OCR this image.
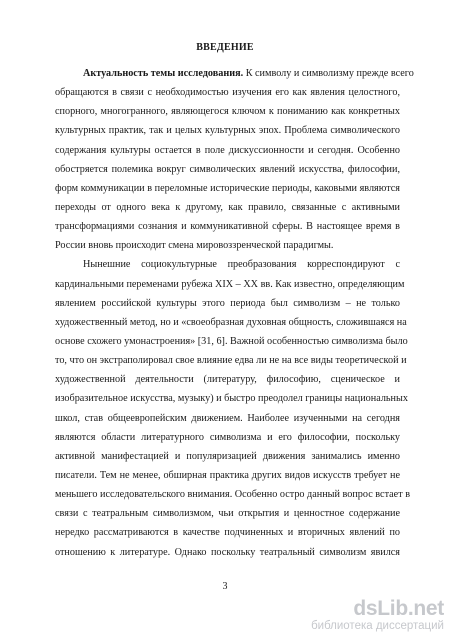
ВВЕДЕНИЕ
Актуальность темы исследования. К символу и символизму прежде всего
обращаются в связи с необходимостью изучения его как явления целостного,
спорного, многогранного, являющегося ключом к пониманию как конкретных
культурных практик, так и целых культурных эпох. Проблема символического
содержания культуры остается в поле дискуссионности и сегодня. Особенно
обостряется полемика вокруг символических явлений искусства, философии,
форм коммуникации в переломные исторические периоды, каковыми являются
переходы от одного века к другому, как правило, связанные с активными
трансформациями сознания и коммуникативной сферы. В настоящее время в
России вновь происходит смена мировоззренческой парадигмы.
Нынешние социокультурные преобразования корреспондируют с
кардинальными переменами рубежа XIX – XX вв. Как известно, определяющим
явлением российской культуры этого периода был символизм – не только
художественный метод, но и «своеобразная духовная общность, сложившаяся на
основе схожего умонастроения» [31, 6]. Важной особенностью символизма было
то, что он экстраполировал свое влияние едва ли не на все виды теоретической и
художественной деятельности (литературу, философию, сценическое и
изобразительное искусства, музыку) и быстро преодолел границы национальных
школ, став общеевропейским движением. Наиболее изученными на сегодня
являются области литературного символизма и его философии, поскольку
активной манифестацией и популяризацией движения занимались именно
писатели. Тем не менее, обширная практика других видов искусств требует не
меньшего исследовательского внимания. Особенно остро данный вопрос встает в
связи с театральным символизмом, чьи открытия и ценностное содержание
нередко рассматриваются в качестве подчиненных и вторичных явлений по
отношению к литературе. Однако поскольку театральный символизм явился
3
dsLib.net
библиотека диссертаций
